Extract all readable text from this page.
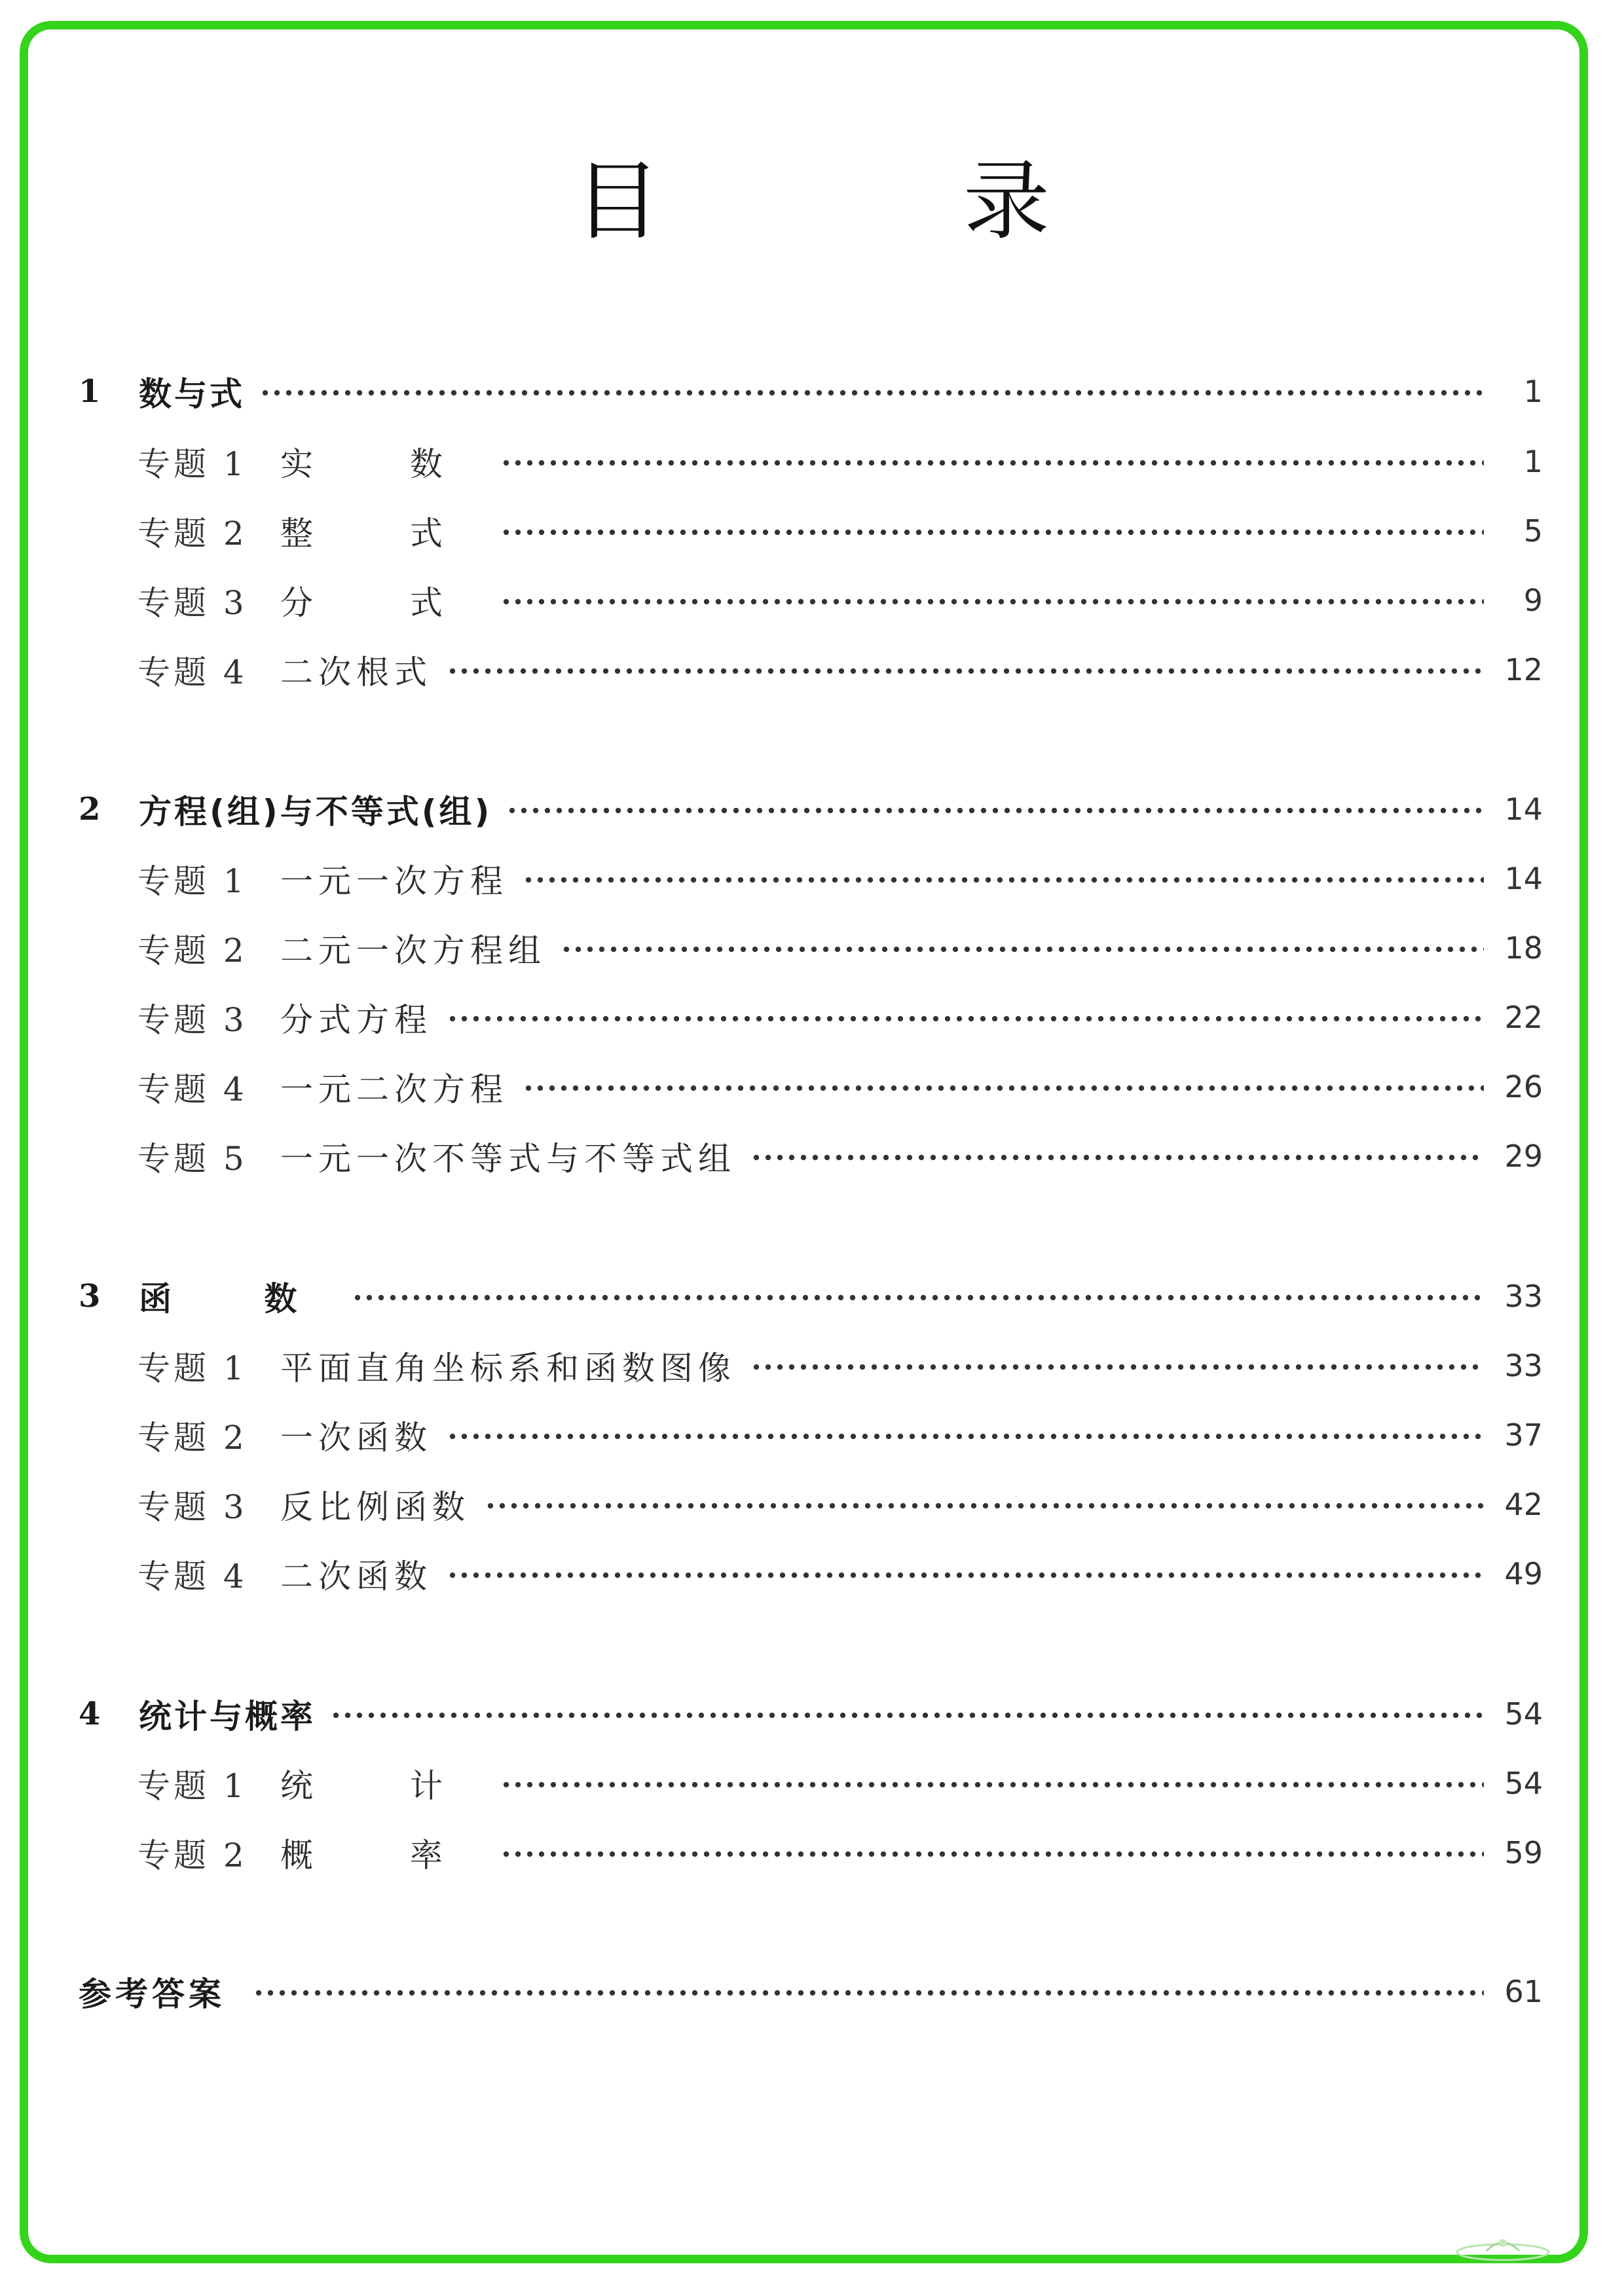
目 录
1	数与式	1
专题 1	实 数	1
专题 2	整 式	5
专题 3	分 式	9
专题 4	二次根式	12
2	方程(组)与不等式(组)	14
专题 1	一元一次方程	14
专题 2	二元一次方程组	18
专题 3	分式方程	22
专题 4	一元二次方程	26
专题 5	一元一次不等式与不等式组	29
3	函 数	33
专题 1	平面直角坐标系和函数图像	33
专题 2	一次函数	37
专题 3	反比例函数	42
专题 4	二次函数	49
4	统计与概率	54
专题 1	统 计	54
专题 2	概 率	59
参考答案	61
